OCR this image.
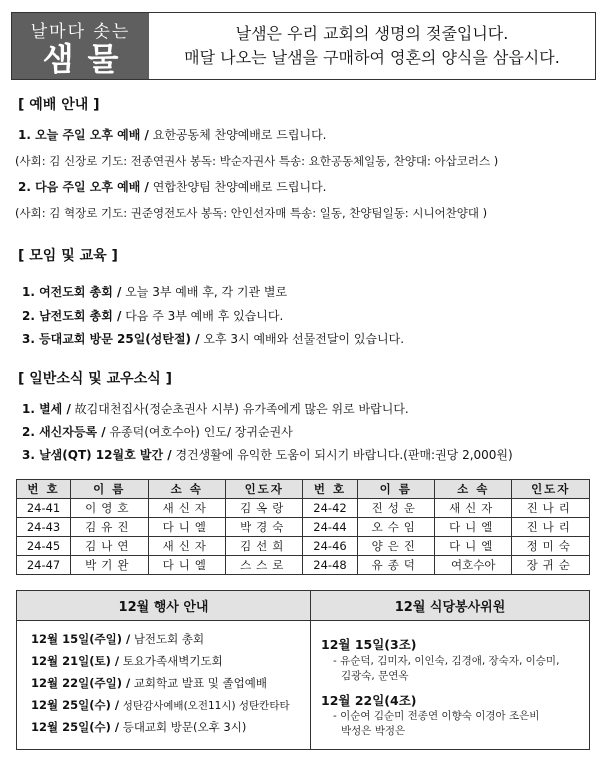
날마다 솟는
샘물
날샘은 우리 교회의 생명의 젖줄입니다.
매달 나오는 날샘을 구매하여 영혼의 양식을 삼읍시다.
[ 예배 안내 ]
1. 오늘 주일 오후 예배 / 요한공동체 찬양예배로 드립니다.
(사회: 김 신장로 기도: 전종연권사 봉독: 박순자권사 특송: 요한공동체일동, 찬양대: 아삽코러스 )
2. 다음 주일 오후 예배 / 연합찬양팀 찬양예배로 드립니다.
(사회: 김 혁장로 기도: 권준영전도사 봉독: 안인선자매 특송: 일동, 찬양팀일동: 시니어찬양대 )
[ 모임 및 교육 ]
1. 여전도회 총회 / 오늘 3부 예배 후, 각 기관 별로
2. 남전도회 총회 / 다음 주 3부 예배 후 있습니다.
3. 등대교회 방문 25일(성탄절) / 오후 3시 예배와 선물전달이 있습니다.
[ 일반소식 및 교우소식 ]
1. 별세 / 故김대천집사(정순초권사 시부) 유가족에게 많은 위로 바랍니다.
2. 새신자등록 / 유종덕(여호수아) 인도/ 장귀순권사
3. 날샘(QT) 12월호 발간 / 경건생활에 유익한 도움이 되시기 바랍니다.(판매:권당 2,000원)
번 호	이 름	소 속	인도자	번 호	이 름	소 속	인도자
24-41	이영호	새신자	김옥랑	24-42	진성운	새신자	진나리
24-43	김유진	다니엘	박경숙	24-44	오수임	다니엘	진나리
24-45	김나연	새신자	김선희	24-46	양은진	다니엘	정미숙
24-47	박기완	다니엘	스스로	24-48	유종덕	여호수아	장귀순
12월 행사 안내
12월 15일(주일) / 남전도회 총회
12월 21일(토) / 토요가족새벽기도회
12월 22일(주일) / 교회학교 발표 및 졸업예배
12월 25일(수) / 성탄감사예배(오전11시) 성탄칸타타
12월 25일(수) / 등대교회 방문(오후 3시)
12월 식당봉사위원
12월 15일(3조)
- 유순덕, 김미자, 이인숙, 김경애, 장숙자, 이승미,
김광숙, 문연옥
12월 22일(4조)
- 이순여 김순미 전종연 이향숙 이경아 조은비
박성은 박정은
